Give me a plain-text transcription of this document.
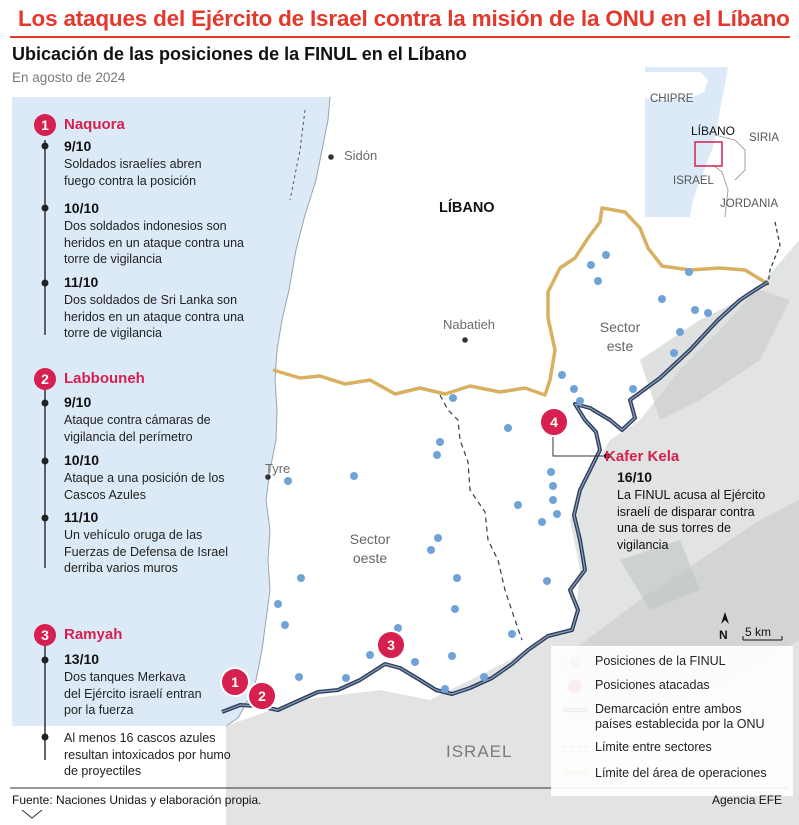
Los ataques del Ejército de Israel contra la misión de la ONU en el Líbano
Ubicación de las posiciones de la FINUL en el Líbano
En agosto de 2024
Sidón
Nabatieh
Tyre
LÍBANO
ISRAEL
Sector
este
Sector
oeste
5 km
N
CHIPRE
LÍBANO SIRIA
ISRAEL
JORDANIA
4
3
1
2
Kafer Kela
16/10
La FINUL acusa al Ejército israelí de disparar contra una de sus torres de vigilancia
1	Naquora
9/10
Soldados israelíes abren fuego contra la posición
10/10
Dos soldados indonesios son heridos en un ataque contra una torre de vigilancia
11/10
Dos soldados de Sri Lanka son heridos en un ataque contra una torre de vigilancia
2	Labbouneh
9/10
Ataque contra cámaras de vigilancia del perímetro
10/10
Ataque a una posición de los Cascos Azules
11/10
Un vehículo oruga de las Fuerzas de Defensa de Israel derriba varios muros
3	Ramyah
13/10
Dos tanques Merkava del Ejército israelí entran por la fuerza
Al menos 16 cascos azules resultan intoxicados por humo de proyectiles
Posiciones de la FINUL
Posiciones atacadas
Demarcación entre ambos
países establecida por la ONU
Límite entre sectores
Límite del área de operaciones
Fuente: Naciones Unidas y elaboración propia.	Agencia EFE
